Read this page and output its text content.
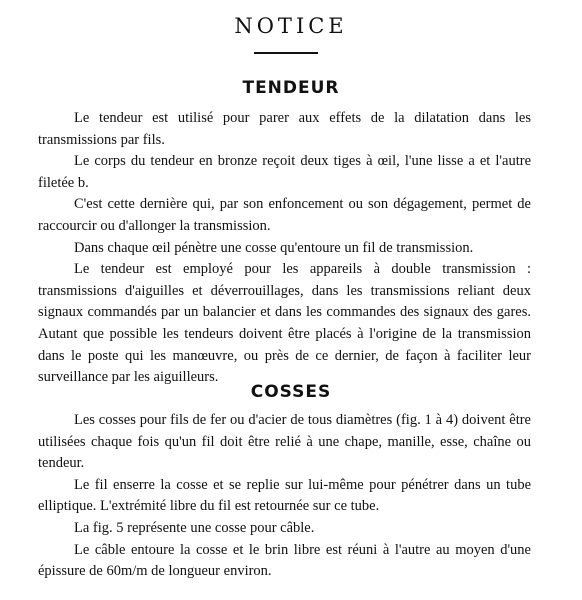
NOTICE
TENDEUR

Le tendeur est utilisé pour parer aux effets de la dilatation dans les transmissions par fils.

Le corps du tendeur en bronze reçoit deux tiges à œil, l'une lisse a et l'autre filetée b.

C'est cette dernière qui, par son enfoncement ou son dégagement, permet de raccourcir ou d'allonger la transmission.

Dans chaque œil pénètre une cosse qu'entoure un fil de transmission.

Le tendeur est employé pour les appareils à double transmission : transmissions d'aiguilles et déverrouillages, dans les transmissions reliant deux signaux commandés par un balancier et dans les commandes des signaux des gares. Autant que possible les tendeurs doivent être placés à l'origine de la transmission dans le poste qui les manœuvre, ou près de ce dernier, de façon à faciliter leur surveillance par les aiguilleurs.

COSSES

Les cosses pour fils de fer ou d'acier de tous diamètres (fig. 1 à 4) doivent être utilisées chaque fois qu'un fil doit être relié à une chape, manille, esse, chaîne ou tendeur.

Le fil enserre la cosse et se replie sur lui-même pour pénétrer dans un tube elliptique. L'extrémité libre du fil est retournée sur ce tube.

La fig. 5 représente une cosse pour câble.

Le câble entoure la cosse et le brin libre est réuni à l'autre au moyen d'une épissure de 60m/m de longueur environ.
